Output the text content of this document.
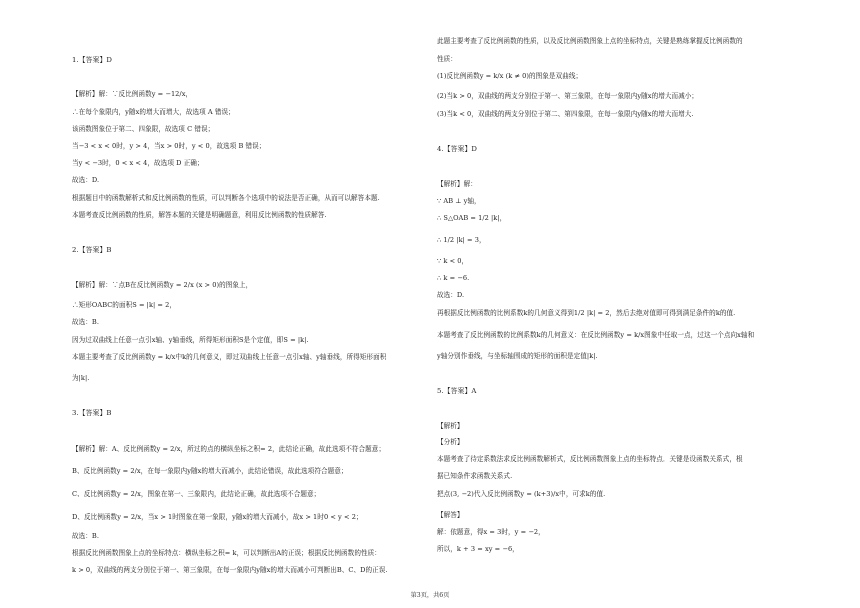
1.【答案】D
【解析】解：∵反比例函数y = −12/x，
∴在每个象限内，y随x的增大而增大，故选项 A 错误；
该函数图象位于第二、四象限，故选项 C 错误；
当−3 < x < 0时，y > 4，当x > 0时，y < 0，故选项 B 错误；
当y < −3时，0 < x < 4，故选项 D 正确；
故选：D.
根据题目中的函数解析式和反比例函数的性质，可以判断各个选项中的说法是否正确，从而可以解答本题.
本题考查反比例函数的性质，解答本题的关键是明确题意，利用反比例函数的性质解答.
2.【答案】B
【解析】解：∵点B在反比例函数y = 2/x (x > 0)的图象上，
∴矩形OABC的面积S = |k| = 2，
故选：B.
因为过双曲线上任意一点引x轴、y轴垂线，所得矩形面积S是个定值，即S = |k|.
本题主要考查了反比例函数y = k/x中k的几何意义，即过双曲线上任意一点引x轴、y轴垂线，所得矩形面积
为|k|.
3.【答案】B
【解析】解：A、反比例函数y = 2/x，所过的点的横纵坐标之积= 2，此结论正确，故此选项不符合题意；
B、反比例函数y = 2/x，在每一象限内y随x的增大而减小，此结论错误，故此选项符合题意；
C、反比例函数y = 2/x，图象在第一、三象限内，此结论正确，故此选项不合题意；
D、反比例函数y = 2/x，当x > 1时图象在第一象限，y随x的增大而减小，故x > 1时0 < y < 2；
故选：B.
根据反比例函数图象上点的坐标特点：横纵坐标之积= k，可以判断出A的正误；根据反比例函数的性质：
k > 0，双曲线的两支分别位于第一、第三象限，在每一象限内y随x的增大而减小可判断出B、C、D的正误.
此题主要考查了反比例函数的性质，以及反比例函数图象上点的坐标特点，关键是熟练掌握反比例函数的
性质：
(1)反比例函数y = k/x (k ≠ 0)的图象是双曲线；
(2)当k > 0，双曲线的两支分别位于第一、第三象限，在每一象限内y随x的增大而减小；
(3)当k < 0，双曲线的两支分别位于第二、第四象限，在每一象限内y随x的增大而增大.
4.【答案】D
【解析】解：
∵ AB ⊥ y轴，
∴ S△OAB = 1/2 |k|，
∴ 1/2 |k| = 3，
∵ k < 0，
∴ k = −6.
故选：D.
再根据反比例函数的比例系数k的几何意义得到1/2 |k| = 2，然后去绝对值即可得到满足条件的k的值.
本题考查了反比例函数的比例系数k的几何意义：在反比例函数y = k/x图象中任取一点，过这一个点向x轴和
y轴分别作垂线，与坐标轴围成的矩形的面积是定值|k|.
5.【答案】A
【解析】
【分析】
本题考查了待定系数法求反比例函数解析式，反比例函数图象上点的坐标特点．关键是设函数关系式，根
据已知条件求函数关系式.
把点(3, −2)代入反比例函数y = (k+3)/x中，可求k的值.
【解答】
解：依题意，得x = 3时，y = −2，
所以，k + 3 = xy = −6，
第3页，共6页
